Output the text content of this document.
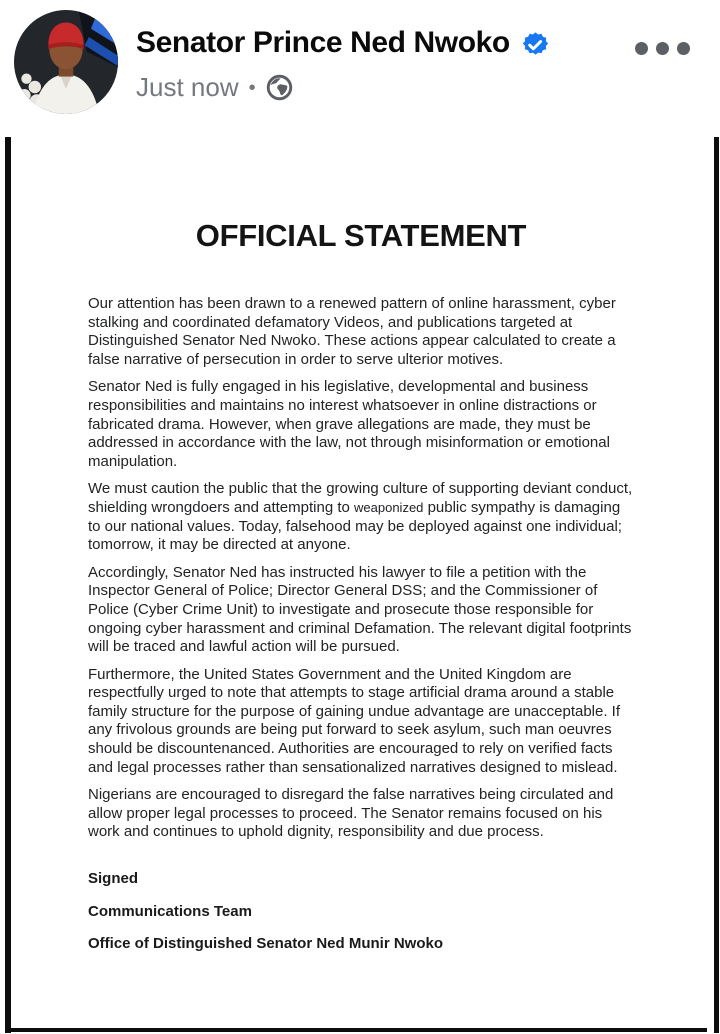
Senator Prince Ned Nwoko
Just now •
OFFICIAL STATEMENT

Our attention has been drawn to a renewed pattern of online harassment, cyber stalking and coordinated defamatory Videos, and publications targeted at Distinguished Senator Ned Nwoko. These actions appear calculated to create a false narrative of persecution in order to serve ulterior motives.

Senator Ned is fully engaged in his legislative, developmental and business responsibilities and maintains no interest whatsoever in online distractions or fabricated drama. However, when grave allegations are made, they must be addressed in accordance with the law, not through misinformation or emotional manipulation.

We must caution the public that the growing culture of supporting deviant conduct, shielding wrongdoers and attempting to weaponized public sympathy is damaging to our national values. Today, falsehood may be deployed against one individual; tomorrow, it may be directed at anyone.

Accordingly, Senator Ned has instructed his lawyer to file a petition with the Inspector General of Police; Director General DSS; and the Commissioner of Police (Cyber Crime Unit) to investigate and prosecute those responsible for ongoing cyber harassment and criminal Defamation. The relevant digital footprints will be traced and lawful action will be pursued.

Furthermore, the United States Government and the United Kingdom are respectfully urged to note that attempts to stage artificial drama around a stable family structure for the purpose of gaining undue advantage are unacceptable. If any frivolous grounds are being put forward to seek asylum, such man oeuvres should be discountenanced. Authorities are encouraged to rely on verified facts and legal processes rather than sensationalized narratives designed to mislead.

Nigerians are encouraged to disregard the false narratives being circulated and allow proper legal processes to proceed. The Senator remains focused on his work and continues to uphold dignity, responsibility and due process.

Signed

Communications Team

Office of Distinguished Senator Ned Munir Nwoko
